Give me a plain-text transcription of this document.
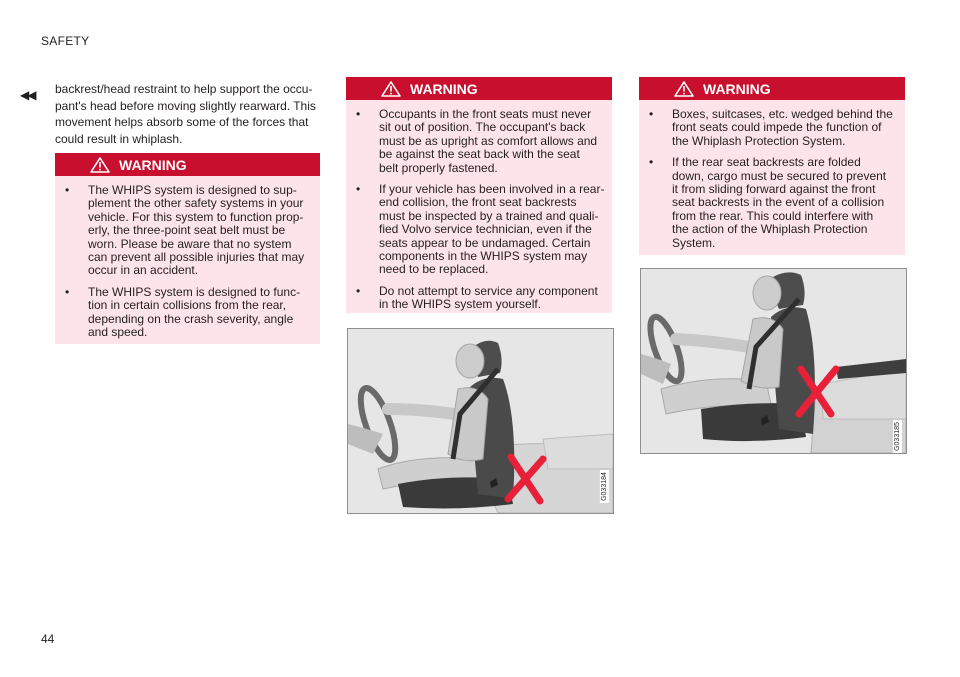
SAFETY
◀◀ backrest/head restraint to help support the occu-
pant's head before moving slightly rearward. This
movement helps absorb some of the forces that
could result in whiplash.
WARNING
• The WHIPS system is designed to sup-
plement the other safety systems in your
vehicle. For this system to function prop-
erly, the three-point seat belt must be
worn. Please be aware that no system
can prevent all possible injuries that may
occur in an accident.
• The WHIPS system is designed to func-
tion in certain collisions from the rear,
depending on the crash severity, angle
and speed.
WARNING
• Occupants in the front seats must never
sit out of position. The occupant's back
must be as upright as comfort allows and
be against the seat back with the seat
belt properly fastened.
• If your vehicle has been involved in a rear-
end collision, the front seat backrests
must be inspected by a trained and quali-
fied Volvo service technician, even if the
seats appear to be undamaged. Certain
components in the WHIPS system may
need to be replaced.
• Do not attempt to service any component
in the WHIPS system yourself.
WARNING
• Boxes, suitcases, etc. wedged behind the
front seats could impede the function of
the Whiplash Protection System.
• If the rear seat backrests are folded
down, cargo must be secured to prevent
it from sliding forward against the front
seat backrests in the event of a collision
from the rear. This could interfere with
the action of the Whiplash Protection
System.
G033184
G033185
44
